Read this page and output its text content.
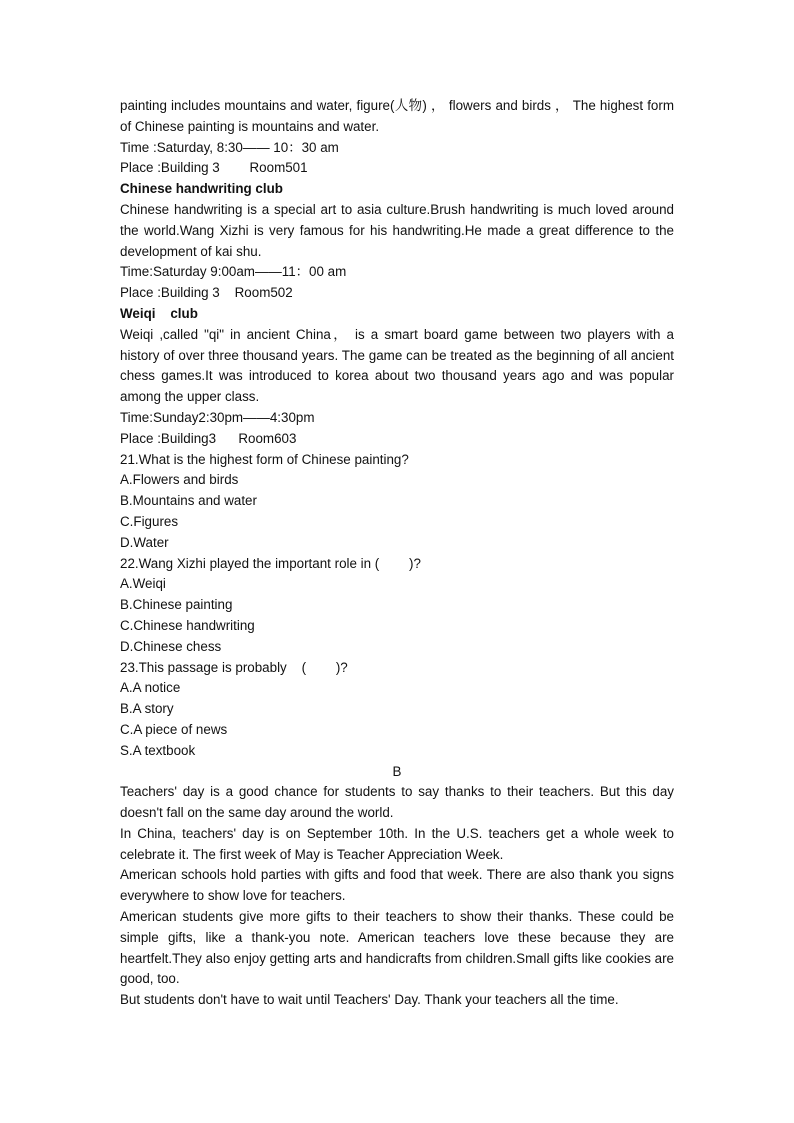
painting includes mountains and water, figure(人物) ， flowers and birds ， The highest form of Chinese painting is mountains and water.

Time :Saturday, 8:30—— 10：30 am

Place :Building 3        Room501

Chinese handwriting club

Chinese handwriting is a special art to asia culture.Brush handwriting is much loved around the world.Wang Xizhi is very famous for his handwriting.He made a great difference to the development of kai shu.

Time:Saturday 9:00am——11：00 am

Place :Building 3    Room502

Weiqi    club

Weiqi ,called "qi" in ancient China， is a smart board game between two players with a history of over three thousand years. The game can be treated as the beginning of all ancient chess games.It was introduced to korea about two thousand years ago and was popular among the upper class.

Time:Sunday2:30pm——4:30pm

Place :Building3      Room603

21.What is the highest form of Chinese painting?

A.Flowers and birds

B.Mountains and water

C.Figures

D.Water

22.Wang Xizhi played the important role in (        )?

A.Weiqi

B.Chinese painting

C.Chinese handwriting

D.Chinese chess

23.This passage is probably    (        )?

A.A notice

B.A story

C.A piece of news

S.A textbook

B

Teachers' day is a good chance for students to say thanks to their teachers. But this day doesn't fall on the same day around the world.

In China, teachers' day is on September 10th. In the U.S. teachers get a whole week to celebrate it. The first week of May is Teacher Appreciation Week.

American schools hold parties with gifts and food that week. There are also thank you signs everywhere to show love for teachers.

American students give more gifts to their teachers to show their thanks. These could be simple gifts, like a thank-you note. American teachers love these because they are heartfelt.They also enjoy getting arts and handicrafts from children.Small gifts like cookies are good, too.

But students don't have to wait until Teachers' Day. Thank your teachers all the time.
